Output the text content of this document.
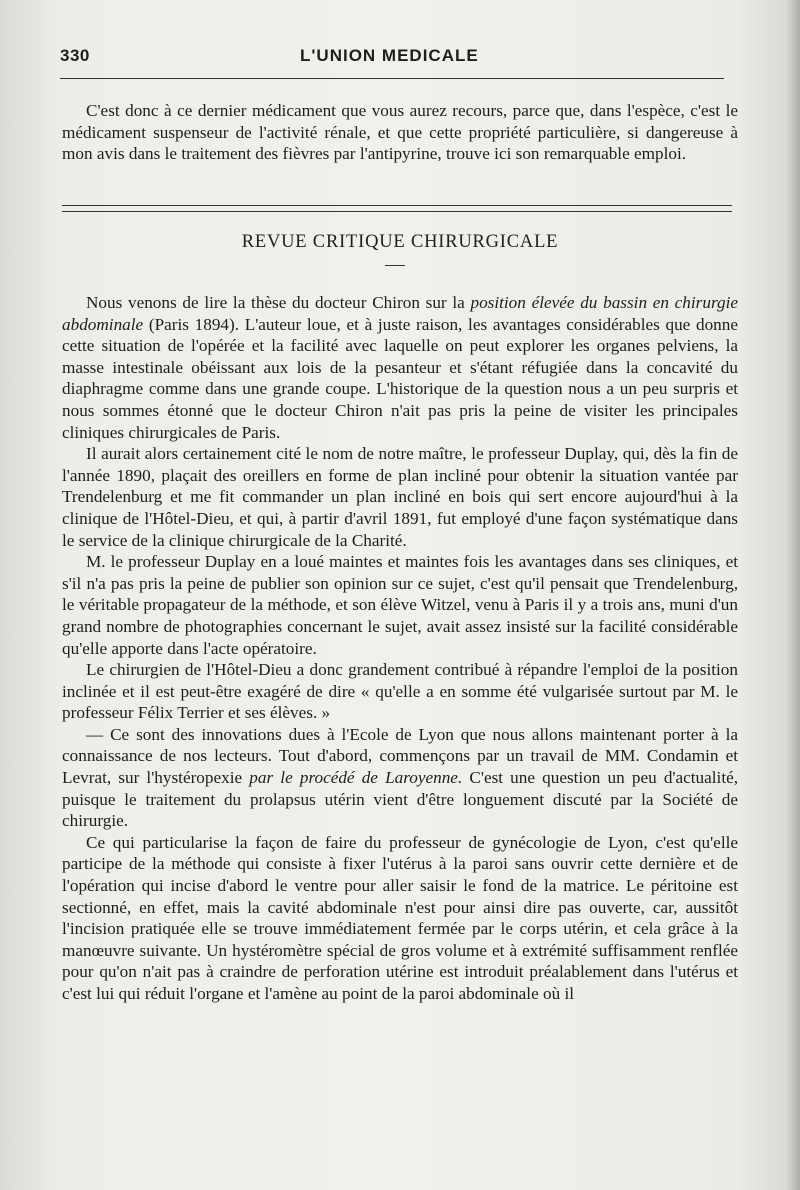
330	L'UNION MEDICALE

C'est donc à ce dernier médicament que vous aurez recours, parce que, dans l'espèce, c'est le médicament suspenseur de l'activité rénale, et que cette propriété particulière, si dangereuse à mon avis dans le traitement des fièvres par l'antipyrine, trouve ici son remarquable emploi.

REVUE CRITIQUE CHIRURGICALE

Nous venons de lire la thèse du docteur Chiron sur la position élevée du bassin en chirurgie abdominale (Paris 1894). L'auteur loue, et à juste raison, les avantages considérables que donne cette situation de l'opérée et la facilité avec laquelle on peut explorer les organes pelviens, la masse intestinale obéissant aux lois de la pesanteur et s'étant réfugiée dans la concavité du diaphragme comme dans une grande coupe. L'historique de la question nous a un peu surpris et nous sommes étonné que le docteur Chiron n'ait pas pris la peine de visiter les principales cliniques chirurgicales de Paris.

Il aurait alors certainement cité le nom de notre maître, le professeur Duplay, qui, dès la fin de l'année 1890, plaçait des oreillers en forme de plan incliné pour obtenir la situation vantée par Trendelenburg et me fit commander un plan incliné en bois qui sert encore aujourd'hui à la clinique de l'Hôtel-Dieu, et qui, à partir d'avril 1891, fut employé d'une façon systématique dans le service de la clinique chirurgicale de la Charité.

M. le professeur Duplay en a loué maintes et maintes fois les avantages dans ses cliniques, et s'il n'a pas pris la peine de publier son opinion sur ce sujet, c'est qu'il pensait que Trendelenburg, le véritable propagateur de la méthode, et son élève Witzel, venu à Paris il y a trois ans, muni d'un grand nombre de photographies concernant le sujet, avait assez insisté sur la facilité considérable qu'elle apporte dans l'acte opératoire.

Le chirurgien de l'Hôtel-Dieu a donc grandement contribué à répandre l'emploi de la position inclinée et il est peut-être exagéré de dire « qu'elle a en somme été vulgarisée surtout par M. le professeur Félix Terrier et ses élèves. »

— Ce sont des innovations dues à l'Ecole de Lyon que nous allons maintenant porter à la connaissance de nos lecteurs. Tout d'abord, commençons par un travail de MM. Condamin et Levrat, sur l'hystéropexie par le procédé de Laroyenne. C'est une question un peu d'actualité, puisque le traitement du prolapsus utérin vient d'être longuement discuté par la Société de chirurgie.

Ce qui particularise la façon de faire du professeur de gynécologie de Lyon, c'est qu'elle participe de la méthode qui consiste à fixer l'utérus à la paroi sans ouvrir cette dernière et de l'opération qui incise d'abord le ventre pour aller saisir le fond de la matrice. Le péritoine est sectionné, en effet, mais la cavité abdominale n'est pour ainsi dire pas ouverte, car, aussitôt l'incision pratiquée elle se trouve immédiatement fermée par le corps utérin, et cela grâce à la manœuvre suivante. Un hystéromètre spécial de gros volume et à extrémité suffisamment renflée pour qu'on n'ait pas à craindre de perforation utérine est introduit préalablement dans l'utérus et c'est lui qui réduit l'organe et l'amène au point de la paroi abdominale où il
